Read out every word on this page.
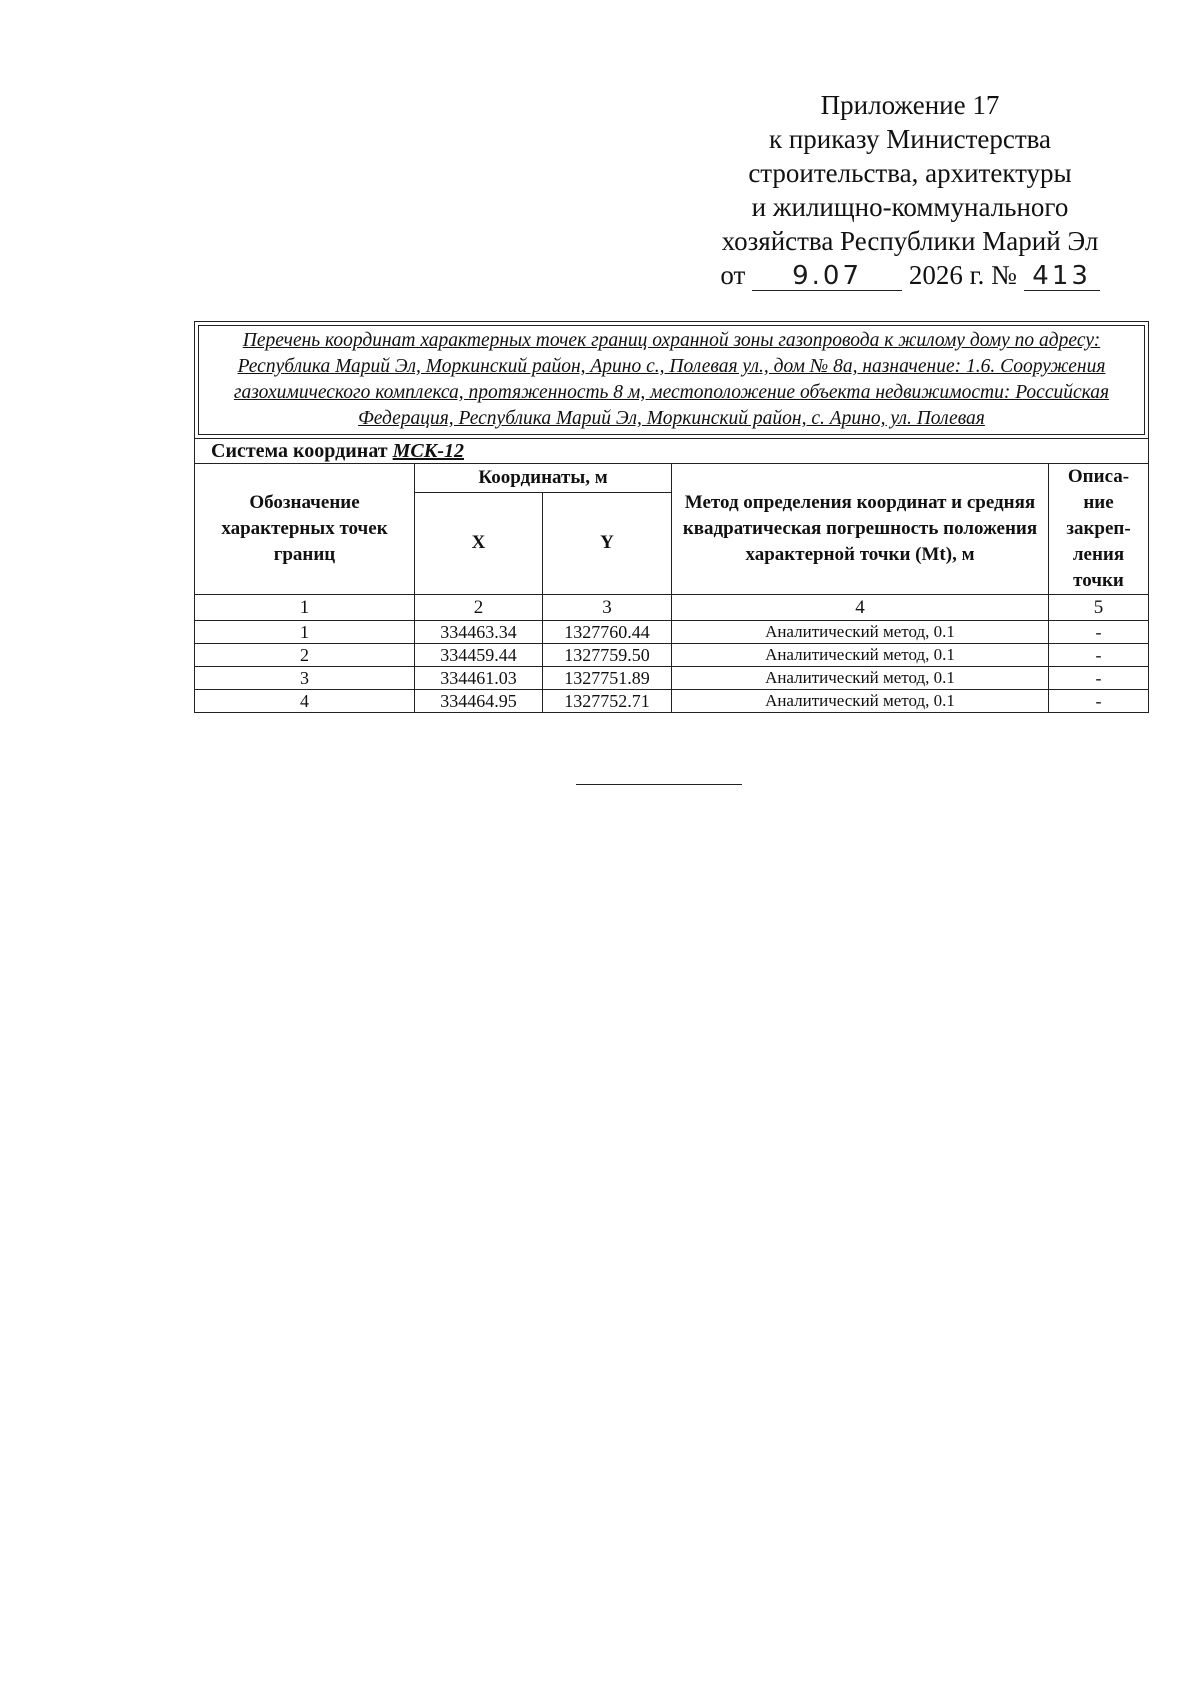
Приложение 17
к приказу Министерства
строительства, архитектуры
и жилищно-коммунального
хозяйства Республики Марий Эл
от 9.07 2026 г. № 413
Перечень координат характерных точек границ охранной зоны газопровода к жилому дому по адресу: Республика Марий Эл, Моркинский район, Арино с., Полевая ул., дом № 8а, назначение: 1.6. Сооружения газохимического комплекса, протяженность 8 м, местоположение объекта недвижимости: Российская Федерация, Республика Марий Эл, Моркинский район, с. Арино, ул. Полевая				

Система координат МСК-12				
Обозначение характерных точек границ	Координаты, м		Метод определения координат и средняя квадратическая погрешность положения характерной точки (Mt), м	Описа-ние закреп-ления точки
	X	Y		
1	2	3	4	5
1	334463.34	1327760.44	Аналитический метод, 0.1	-
2	334459.44	1327759.50	Аналитический метод, 0.1	-
3	334461.03	1327751.89	Аналитический метод, 0.1	-
4	334464.95	1327752.71	Аналитический метод, 0.1	-
